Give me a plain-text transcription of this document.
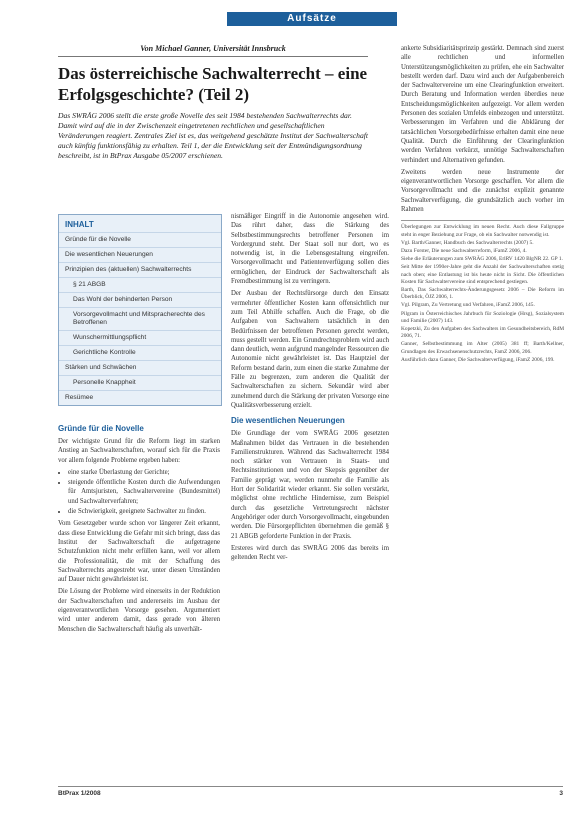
Aufsätze
Von Michael Ganner, Universität Innsbruck
Das österreichische Sachwalterrecht – eine Erfolgsgeschichte? (Teil 2)

Das SWRÄG 2006 stellt die erste große Novelle des seit 1984 bestehenden Sachwalterrechts dar. Damit wird auf die in der Zwischenzeit eingetretenen rechtlichen und gesellschaftlichen Veränderungen reagiert. Zentrales Ziel ist es, das weitgehend geschätzte Institut der Sachwalterschaft auch künftig funktionsfähig zu erhalten. Teil 1, der die Entwicklung seit der Entmündigungsordnung beschreibt, ist in BtPrax Ausgabe 05/2007 erschienen.

INHALT
Gründe für die Novelle
Die wesentlichen Neuerungen
Prinzipien des (aktuellen) Sachwalterrechts
§ 21 ABGB
Das Wohl der behinderten Person
Vorsorgevollmacht und Mitspracherechte des Betroffenen
Wunschermittlungspflicht
Gerichtliche Kontrolle
Stärken und Schwächen
Personelle Knappheit
Resümee
Gründe für die Novelle

Der wichtigste Grund für die Reform liegt im starken Anstieg an Sachwalterschaften, worauf sich für die Praxis vor allem folgende Probleme ergeben haben:

• eine starke Überlastung der Gerichte;
• steigende öffentliche Kosten durch die Aufwendungen für Amtsjuristen, Sachwaltervereine (Bundesmittel) und Sachwalterverfahren;
• die Schwierigkeit, geeignete Sachwalter zu finden.

Vom Gesetzgeber wurde schon vor längerer Zeit erkannt, dass diese Entwicklung die Gefahr mit sich bringt, dass das Institut der Sachwalterschaft die aufgetragene Schutzfunktion nicht mehr erfüllen kann, weil vor allem die Professionalität, die mit der Schaffung des Sachwalterrechts angestrebt war, unter diesen Umständen auf Dauer nicht gewährleistet ist.

Die Lösung der Probleme wird einerseits in der Reduktion der Sachwalterschaften und andererseits im Ausbau der eigenverantwortlichen Vorsorge gesehen. Argumentiert wird unter anderem damit, dass gerade von älteren Menschen die Sachwalterschaft häufig als unverhält-

nismäßiger Eingriff in die Autonomie angesehen wird. Das rührt daher, dass die Stärkung des Selbstbestimmungsrechts betroffener Personen im Vordergrund steht. Der Staat soll nur dort, wo es notwendig ist, in die Lebensgestaltung eingreifen. Vorsorgevollmacht und Patientenverfügung sollen dies ermöglichen, der Eindruck der Sachwalterschaft als Fremdbestimmung ist zu verringern.

Der Ausbau der Rechtsfürsorge durch den Einsatz vermehrter öffentlicher Kosten kann offensichtlich nur zum Teil Abhilfe schaffen. Auch die Frage, ob die Aufgaben von Sachwaltern tatsächlich in den Bedürfnissen der betroffenen Personen gerecht werden, muss gestellt werden. Ein Grundrechtsproblem wird auch dann deutlich, wenn aufgrund mangelnder Ressourcen die Autonomie nicht gewährleistet ist. Das Hauptziel der Reform bestand darin, zum einen die starke Zunahme der Fälle zu begrenzen, zum anderen die Qualität der Sachwalterschaften zu sichern. Sekundär wird aber zunehmend durch die Stärkung der privaten Vorsorge eine Qualitätsverbesserung erzielt.

Die wesentlichen Neuerungen

Die Grundlage der vom SWRÄG 2006 gesetzten Maßnahmen bildet das Vertrauen in die bestehenden Familienstrukturen. Während das Sachwalterrecht 1984 noch stärker von Vertrauen in Staats- und Rechtsinstitutionen und von der Skepsis gegenüber der Familie geprägt war, werden nunmehr die Familie als Hort der Solidarität wieder erkannt. Sie sollen verstärkt, möglichst ohne rechtliche Hindernisse, zum Beispiel durch das gesetzliche Vertretungsrecht nächster Angehöriger oder durch Vorsorgevollmacht, eingebunden werden. Die Fürsorgepflichten übernehmen die gemäß § 21 ABGB geforderte Funktion in der Praxis.

Ersteres wird durch das SWRÄG 2006 das bereits im geltenden Recht ver-

ankerte Subsidiaritätsprinzip gestärkt. Demnach sind zuerst alle rechtlichen und informellen Unterstützungsmöglichkeiten zu prüfen, ehe ein Sachwalter bestellt werden darf. Dazu wird auch der Aufgabenbereich der Sachwaltervereine um eine Clearingfunktion erweitert. Durch Beratung und Information werden überdies neue Entscheidungsmöglichkeiten aufgezeigt. Vor allem werden Personen des sozialen Umfelds einbezogen und unterstützt. Verbesserungen im Verfahren und die Abklärung der tatsächlichen Vorsorgebedürfnisse erhalten damit eine neue Qualität. Durch die Einführung der Clearingfunktion werden Verfahren verkürzt, unnötige Sachwalterschaften verhindert und Alternativen gefunden.

Zweitens werden neue Instrumente der eigenverantwortlichen Vorsorge geschaffen. Vor allem die Vorsorgevollmacht und die zunächst explizit genannte Sachwalterverfügung, die grundsätzlich auch vorher im Rahmen

Überlegungen zur Entwicklung im neuen Recht. Auch diese Fallgruppe steht in enger Beziehung zur Frage, ob ein Sachwalter notwendig ist.
Vgl. Barth/Ganner, Handbuch des Sachwalterrechts (2007) 5.
Dazu Forster, Die neue Sachwalterreform, iFamZ 2006, 4.
Siehe die Erläuterungen zum SWRÄG 2006, ErlRV 1420 BlgNR 22. GP 1.
Seit Mitte der 1990er-Jahre geht die Anzahl der Sachwalterschaften stetig nach oben; eine Entlastung ist bis heute nicht in Sicht. Die öffentlichen Kosten für Sachwaltervereine sind entsprechend gestiegen.
Barth, Das Sachwalterrechts-Änderungsgesetz 2006 – Die Reform im Überblick, ÖJZ 2006, 1.
Vgl. Pilgram, Zu Vertretung und Verfahren, iFamZ 2006, 145.
Pilgram in Österreichisches Jahrbuch für Soziologie (Hrsg), Sozialsystem und Familie (2007) 143.
Kopetzki, Zu den Aufgaben des Sachwalters im Gesundheitsbereich, RdM 2006, 71.
Ganner, Selbstbestimmung im Alter (2005) 381 ff; Barth/Kellner, Grundlagen des Erwachsenenschutzrechts, FamZ 2006, 206.
Ausführlich dazu Ganner, Die Sachwalterverfügung, iFamZ 2006, 199.
BtPrax 1/2008	3
